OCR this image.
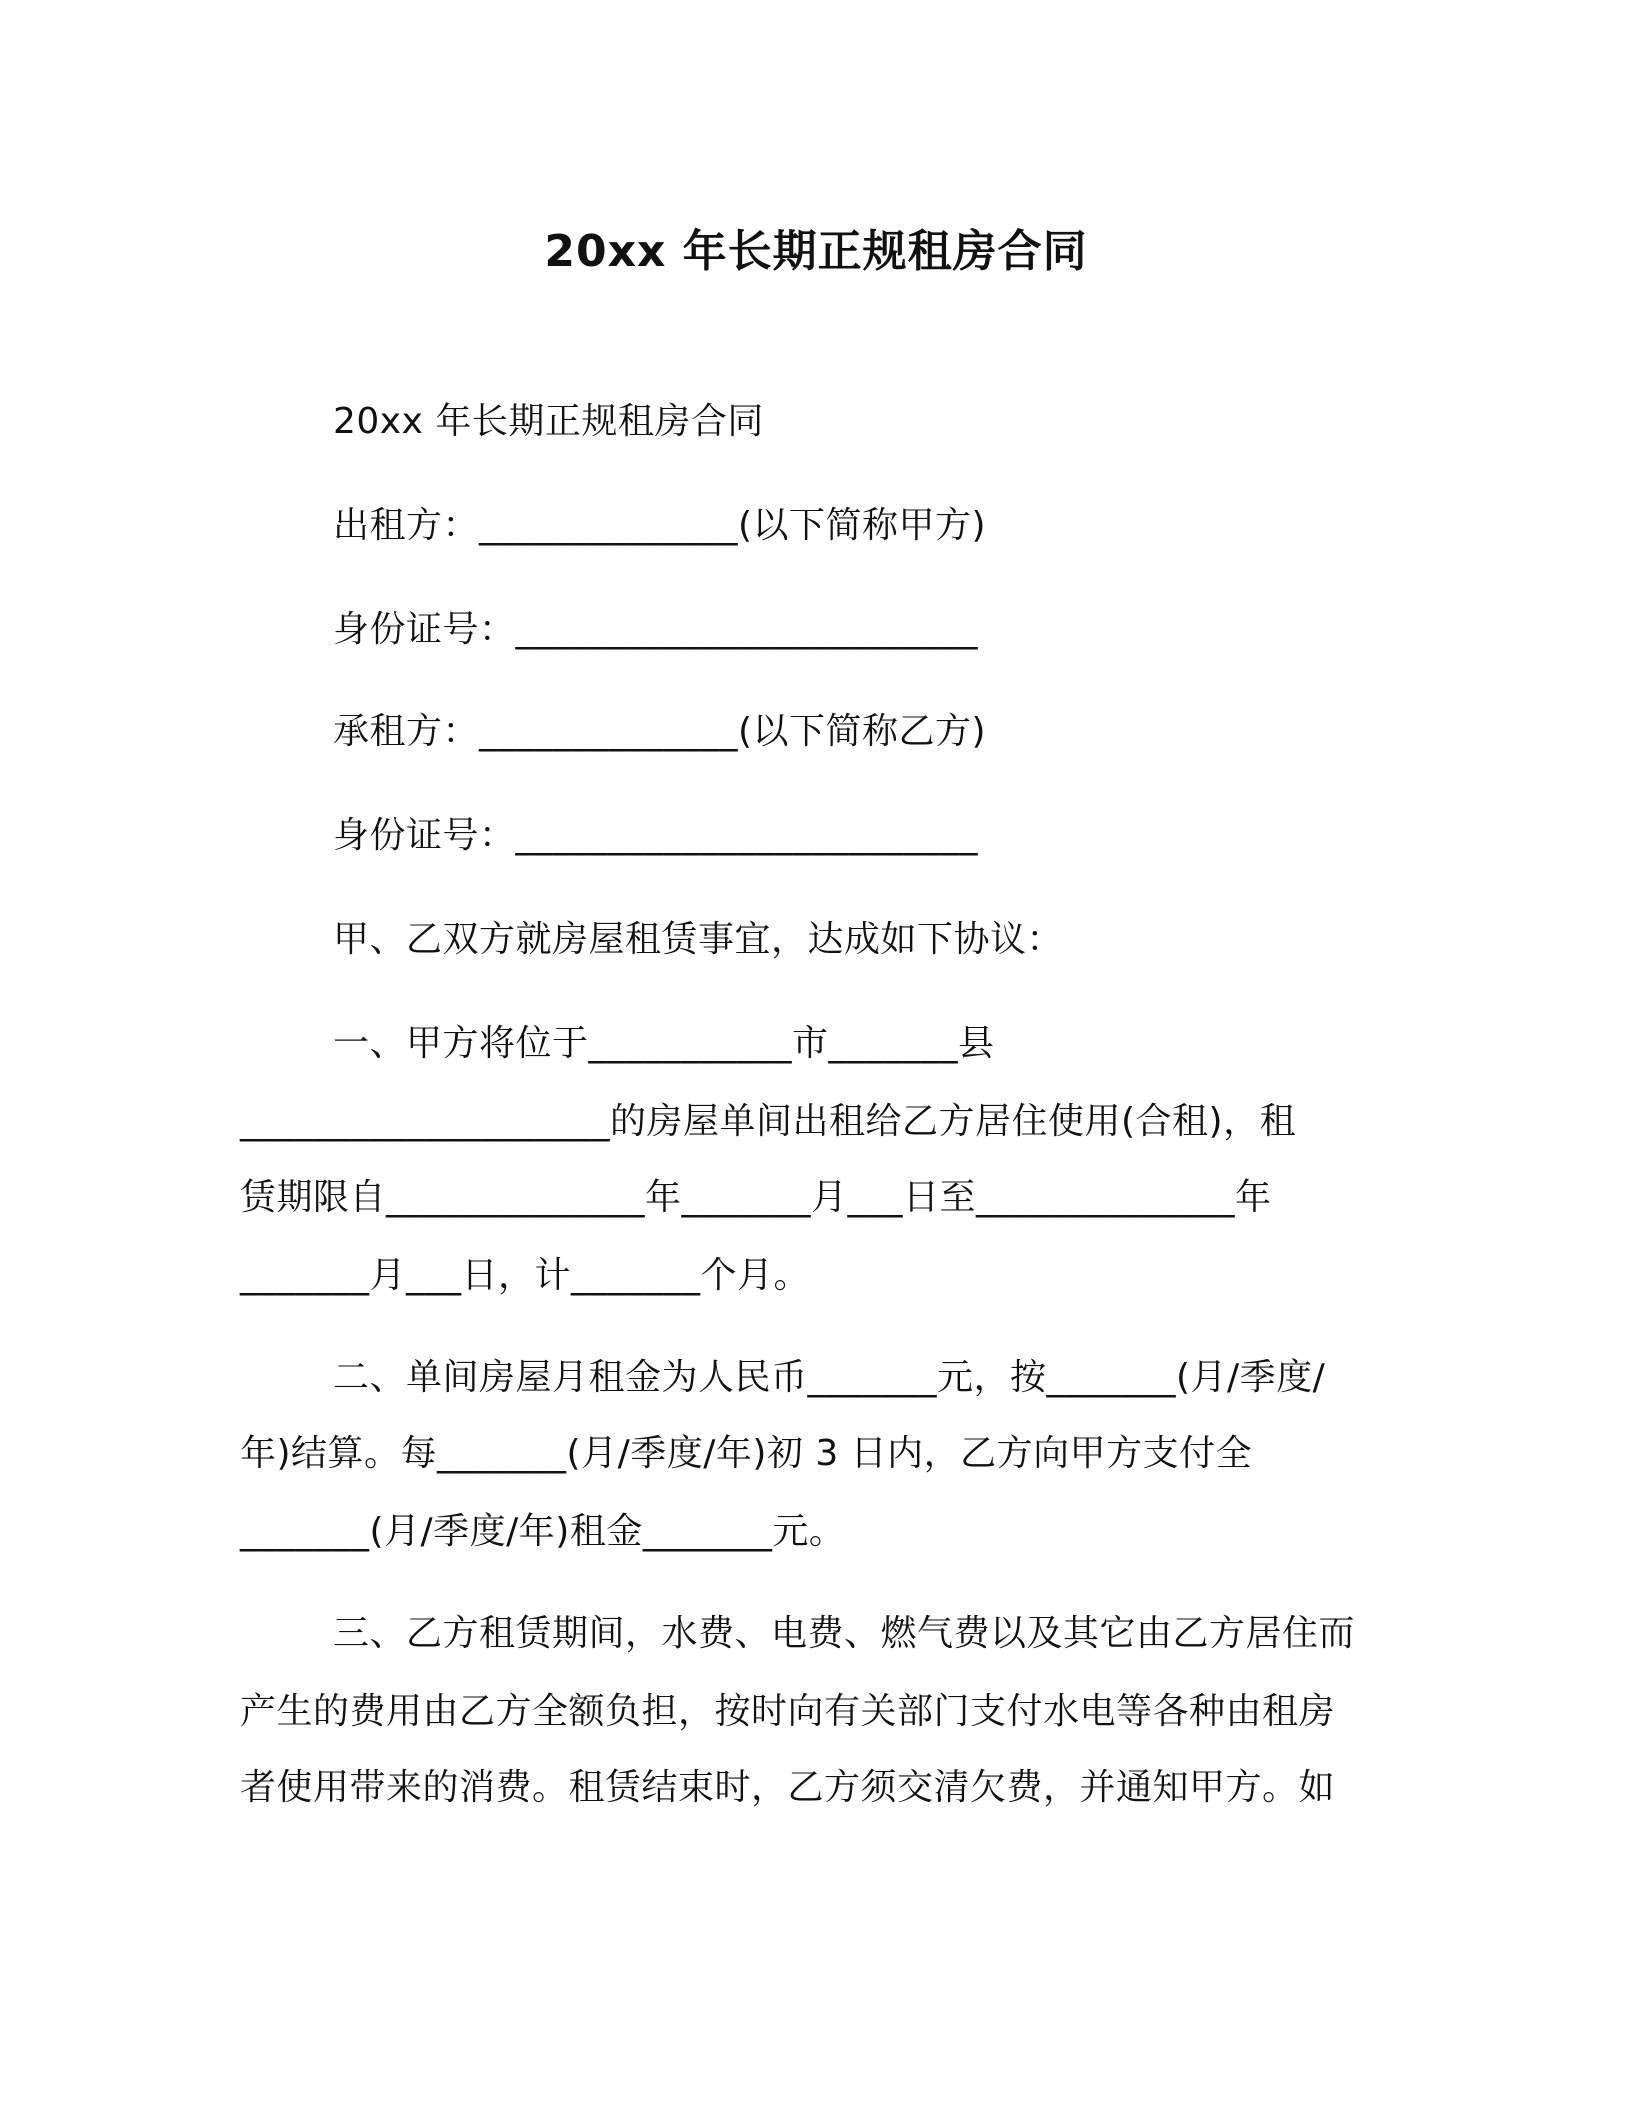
20xx 年长期正规租房合同
20xx 年长期正规租房合同
出租方：______________(以下简称甲方)
身份证号：_________________________
承租方：______________(以下简称乙方)
身份证号：_________________________
甲、乙双方就房屋租赁事宜，达成如下协议：
一、甲方将位于___________市_______县
____________________的房屋单间出租给乙方居住使用(合租)，租
赁期限自______________年_______月___日至______________年
_______月___日，计_______个月。
二、单间房屋月租金为人民币_______元，按_______(月/季度/
年)结算。每_______(月/季度/年)初 3 日内，乙方向甲方支付全
_______(月/季度/年)租金_______元。
三、乙方租赁期间，水费、电费、燃气费以及其它由乙方居住而
产生的费用由乙方全额负担，按时向有关部门支付水电等各种由租房
者使用带来的消费。租赁结束时，乙方须交清欠费，并通知甲方。如
